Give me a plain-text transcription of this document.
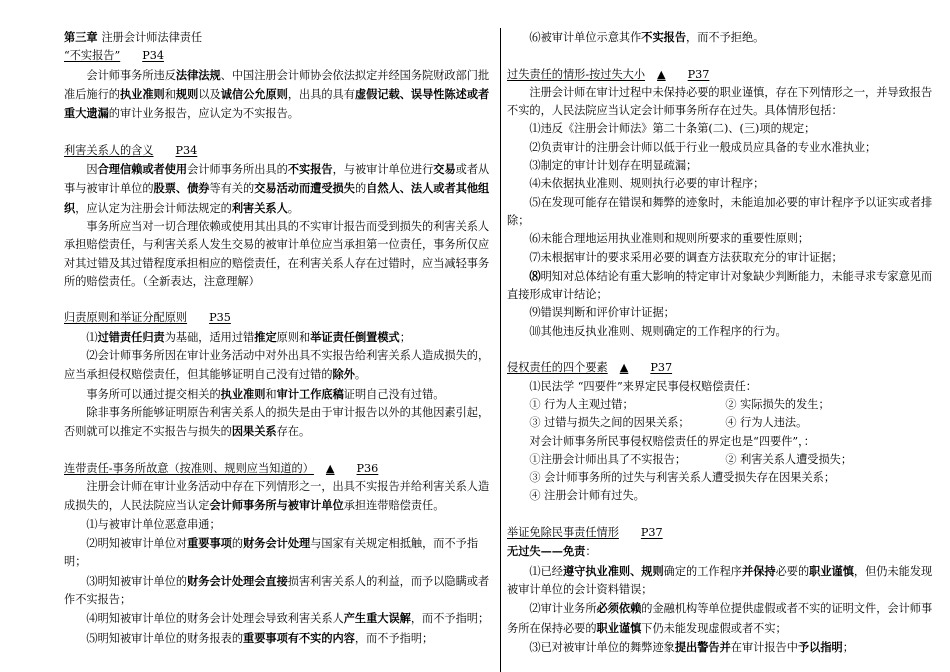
第三章 注册会计师法律责任
“不实报告” P34
会计师事务所违反法律法规、中国注册会计师协会依法拟定并经国务院财政部门批准后施行的执业准则和规则以及诚信公允原则，出具的具有虚假记载、误导性陈述或者重大遗漏的审计业务报告，应认定为不实报告。
利害关系人的含义 P34
因合理信赖或者使用会计师事务所出具的不实报告，与被审计单位进行交易或者从事与被审计单位的股票、债券等有关的交易活动而遭受损失的自然人、法人或者其他组织，应认定为注册会计师法规定的利害关系人。
事务所应当对一切合理依赖或使用其出具的不实审计报告而受到损失的利害关系人承担赔偿责任，与利害关系人发生交易的被审计单位应当承担第一位责任，事务所仅应对其过错及其过错程度承担相应的赔偿责任，在利害关系人存在过错时，应当减轻事务所的赔偿责任。（全新表达，注意理解）
归责原则和举证分配原则 P35
⑴过错责任归责为基础，适用过错推定原则和举证责任倒置模式；
⑵会计师事务所因在审计业务活动中对外出具不实报告给利害关系人造成损失的，应当承担侵权赔偿责任，但其能够证明自己没有过错的除外。
事务所可以通过提交相关的执业准则和审计工作底稿证明自己没有过错。
除非事务所能够证明原告利害关系人的损失是由于审计报告以外的其他因素引起，否则就可以推定不实报告与损失的因果关系存在。
连带责任-事务所故意（按准则、规则应当知道的） ▲ P36
注册会计师在审计业务活动中存在下列情形之一，出具不实报告并给利害关系人造成损失的，人民法院应当认定会计师事务所与被审计单位承担连带赔偿责任。
⑴与被审计单位恶意串通；
⑵明知被审计单位对重要事项的财务会计处理与国家有关规定相抵触，而不予指明；
⑶明知被审计单位的财务会计处理会直接损害利害关系人的利益，而予以隐瞒或者作不实报告；
⑷明知被审计单位的财务会计处理会导致利害关系人产生重大误解，而不予指明；
⑸明知被审计单位的财务报表的重要事项有不实的内容，而不予指明；
⑹被审计单位示意其作不实报告，而不予拒绝。
过失责任的情形-按过失大小 ▲ P37
注册会计师在审计过程中未保持必要的职业谨慎，存在下列情形之一，并导致报告不实的，人民法院应当认定会计师事务所存在过失。具体情形包括：
⑴违反《注册会计师法》第二十条第(二)、(三)项的规定；
⑵负责审计的注册会计师以低于行业一般成员应具备的专业水准执业；
⑶制定的审计计划存在明显疏漏；
⑷未依据执业准则、规则执行必要的审计程序；
⑸在发现可能存在错误和舞弊的迹象时，未能追加必要的审计程序予以证实或者排除；
⑹未能合理地运用执业准则和规则所要求的重要性原则；
⑺未根据审计的要求采用必要的调查方法获取充分的审计证据；
⑻明知对总体结论有重大影响的特定审计对象缺少判断能力，未能寻求专家意见而直接形成审计结论；
⑼错误判断和评价审计证据；
⑽其他违反执业准则、规则确定的工作程序的行为。
侵权责任的四个要素 ▲ P37
⑴民法学 “四要件”来界定民事侵权赔偿责任：
① 行为人主观过错；	② 实际损失的发生；
③ 过错与损失之间的因果关系；	④ 行为人违法。
对会计师事务所民事侵权赔偿责任的界定也是“四要件”，：
①注册会计师出具了不实报告；	② 利害关系人遭受损失；
③ 会计师事务所的过失与利害关系人遭受损失存在因果关系；
④ 注册会计师有过失。
举证免除民事责任情形 P37
无过失——免责：
⑴已经遵守执业准则、规则确定的工作程序并保持必要的职业谨慎，但仍未能发现被审计单位的会计资料错误；
⑵审计业务所必须依赖的金融机构等单位提供虚假或者不实的证明文件，会计师事务所在保持必要的职业谨慎下仍未能发现虚假或者不实；
⑶已对被审计单位的舞弊迹象提出警告并在审计报告中予以指明；
